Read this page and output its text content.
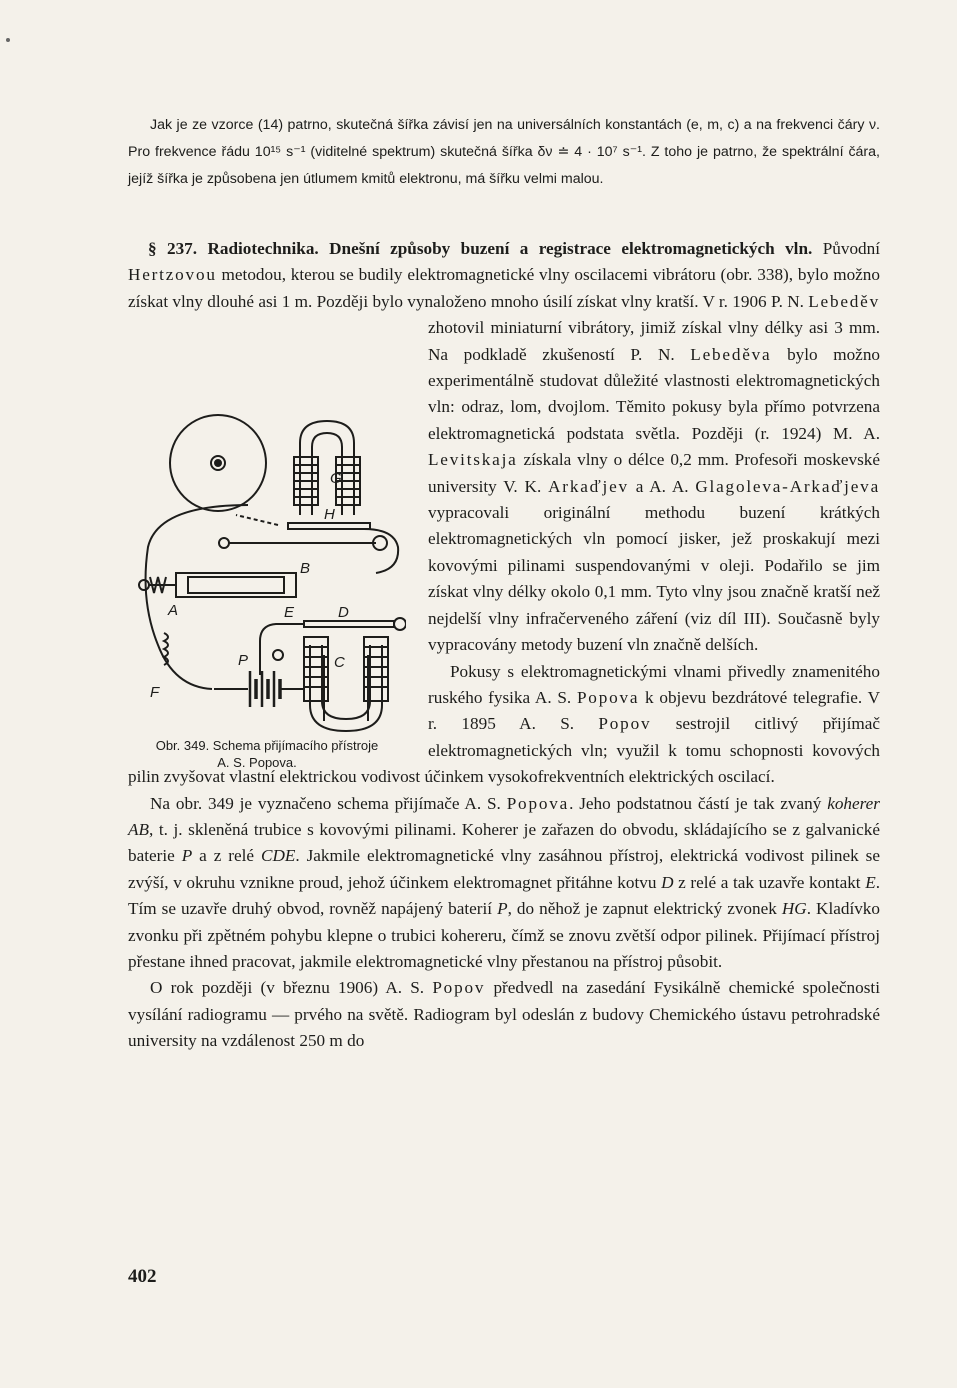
Jak je ze vzorce (14) patrno, skutečná šířka závisí jen na universálních konstantách (e, m, c) a na frekvenci čáry ν. Pro frekvence řádu 10¹⁵ s⁻¹ (viditelné spektrum) skutečná šířka δν ≐ 4 · 10⁷ s⁻¹. Z toho je patrno, že spektrální čára, jejíž šířka je způsobena jen útlumem kmitů elektronu, má šířku velmi malou.

§ 237. Radiotechnika. Dnešní způsoby buzení a registrace elektromagnetických vln. Původní Hertzovou metodou, kterou se budily elektromagnetické vlny oscilacemi vibrátoru (obr. 338), bylo možno získat vlny dlouhé asi 1 m. Později bylo vynaloženo mnoho úsilí získat vlny kratší. V r. 1906 P. N.
A
B
C
D
E
F
G
H
P
Obr. 349. Schema přijímacího přístroje A. S. Popova.
Lebeděv zhotovil miniaturní vibrátory, jimiž získal vlny délky asi 3 mm. Na podkladě zkušeností P. N. Lebeděva bylo možno experimentálně studovat důležité vlastnosti elektromagnetických vln: odraz, lom, dvojlom. Těmito pokusy byla přímo potvrzena elektromagnetická podstata světla. Později (r. 1924) M. A. Levitskaja získala vlny o délce 0,2 mm. Profesoři moskevské university V. K. Arkaďjev a A. A. Glagoleva-Arkaďjeva vypracovali originální methodu buzení krátkých elektromagnetických vln pomocí jisker, jež proskakují mezi kovovými pilinami suspendovanými v oleji. Podařilo se jim získat vlny délky okolo 0,1 mm. Tyto vlny jsou značně kratší než nejdelší vlny infračerveného záření (viz díl III). Současně byly vypracovány metody buzení vln značně delších.

Pokusy s elektromagnetickými vlnami přivedly znamenitého ruského fysika A. S. Popova k objevu bezdrátové telegrafie. V r. 1895 A. S. Popov sestrojil citlivý přijímač elektromagnetických vln; využil k tomu schopnosti kovových pilin zvyšovat vlastní elektrickou vodivost účinkem vysokofrekventních elektrických oscilací.

Na obr. 349 je vyznačeno schema přijímače A. S. Popova. Jeho podstatnou částí je tak zvaný koherer AB, t. j. skleněná trubice s kovovými pilinami. Koherer je zařazen do obvodu, skládajícího se z galvanické baterie P a z relé CDE. Jakmile elektromagnetické vlny zasáhnou přístroj, elektrická vodivost pilinek se zvýší, v okruhu vznikne proud, jehož účinkem elektromagnet přitáhne kotvu D z relé a tak uzavře kontakt E. Tím se uzavře druhý obvod, rovněž napájený baterií P, do něhož je zapnut elektrický zvonek HG. Kladívko zvonku při zpětném pohybu klepne o trubici kohereru, čímž se znovu zvětší odpor pilinek. Přijímací přístroj přestane ihned pracovat, jakmile elektromagnetické vlny přestanou na přístroj působit.

O rok později (v březnu 1906) A. S. Popov předvedl na zasedání Fysikálně chemické společnosti vysílání radiogramu — prvého na světě. Radiogram byl odeslán z budovy Chemického ústavu petrohradské university na vzdálenost 250 m do

402
